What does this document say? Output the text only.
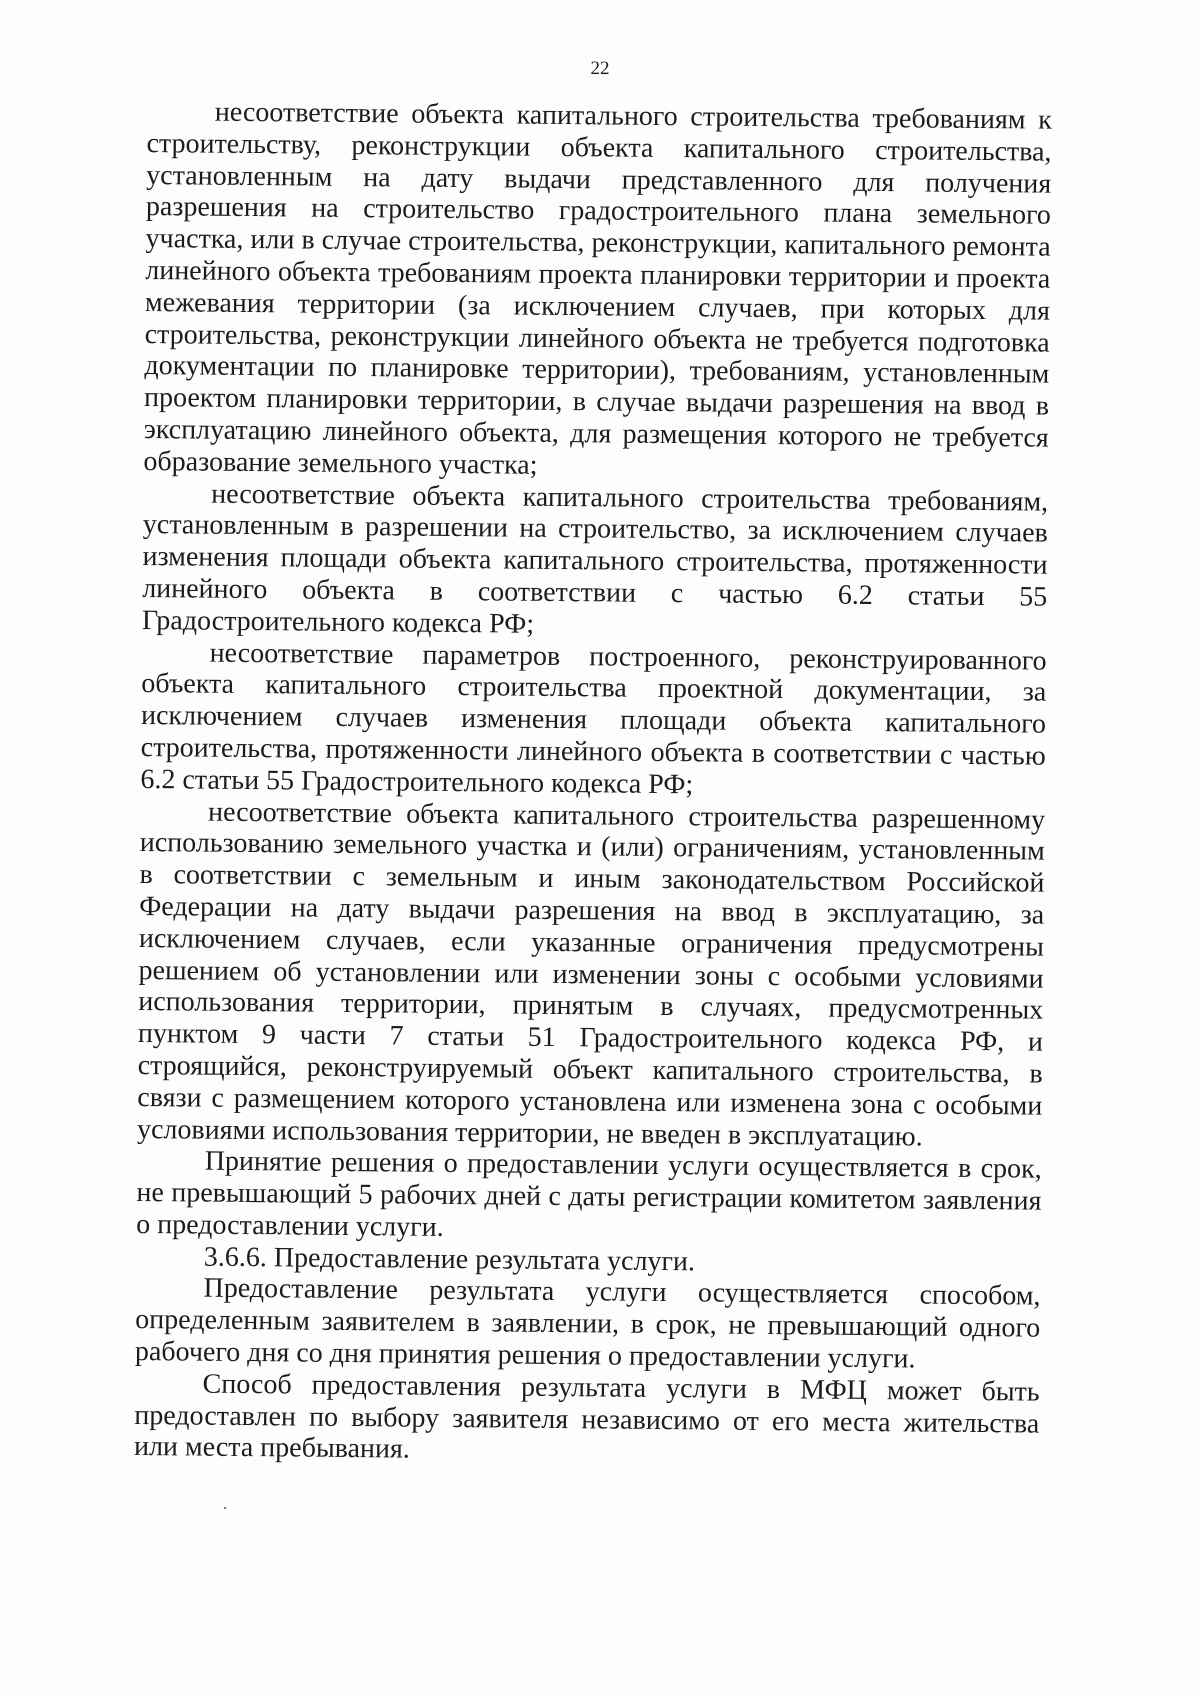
22

несоответствие объекта капитального строительства требованиям к строительству, реконструкции объекта капитального строительства, установленным на дату выдачи представленного для получения разрешения на строительство градостроительного плана земельного участка, или в случае строительства, реконструкции, капитального ремонта линейного объекта требованиям проекта планировки территории и проекта межевания территории (за исключением случаев, при которых для строительства, реконструкции линейного объекта не требуется подготовка документации по планировке территории), требованиям, установленным проектом планировки территории, в случае выдачи разрешения на ввод в эксплуатацию линейного объекта, для размещения которого не требуется образование земельного участка;

несоответствие объекта капитального строительства требованиям, установленным в разрешении на строительство, за исключением случаев изменения площади объекта капитального строительства, протяженности линейного объекта в соответствии с частью 6.2 статьи 55 Градостроительного кодекса РФ;

несоответствие параметров построенного, реконструированного объекта капитального строительства проектной документации, за исключением случаев изменения площади объекта капитального строительства, протяженности линейного объекта в соответствии с частью 6.2 статьи 55 Градостроительного кодекса РФ;

несоответствие объекта капитального строительства разрешенному использованию земельного участка и (или) ограничениям, установленным в соответствии с земельным и иным законодательством Российской Федерации на дату выдачи разрешения на ввод в эксплуатацию, за исключением случаев, если указанные ограничения предусмотрены решением об установлении или изменении зоны с особыми условиями использования территории, принятым в случаях, предусмотренных пунктом 9 части 7 статьи 51 Градостроительного кодекса РФ, и строящийся, реконструируемый объект капитального строительства, в связи с размещением которого установлена или изменена зона с особыми условиями использования территории, не введен в эксплуатацию.

Принятие решения о предоставлении услуги осуществляется в срок, не превышающий 5 рабочих дней с даты регистрации комитетом заявления о предоставлении услуги.

3.6.6. Предоставление результата услуги.

Предоставление результата услуги осуществляется способом, определенным заявителем в заявлении, в срок, не превышающий одного рабочего дня со дня принятия решения о предоставлении услуги.

Способ предоставления результата услуги в МФЦ может быть предоставлен по выбору заявителя независимо от его места жительства или места пребывания.
